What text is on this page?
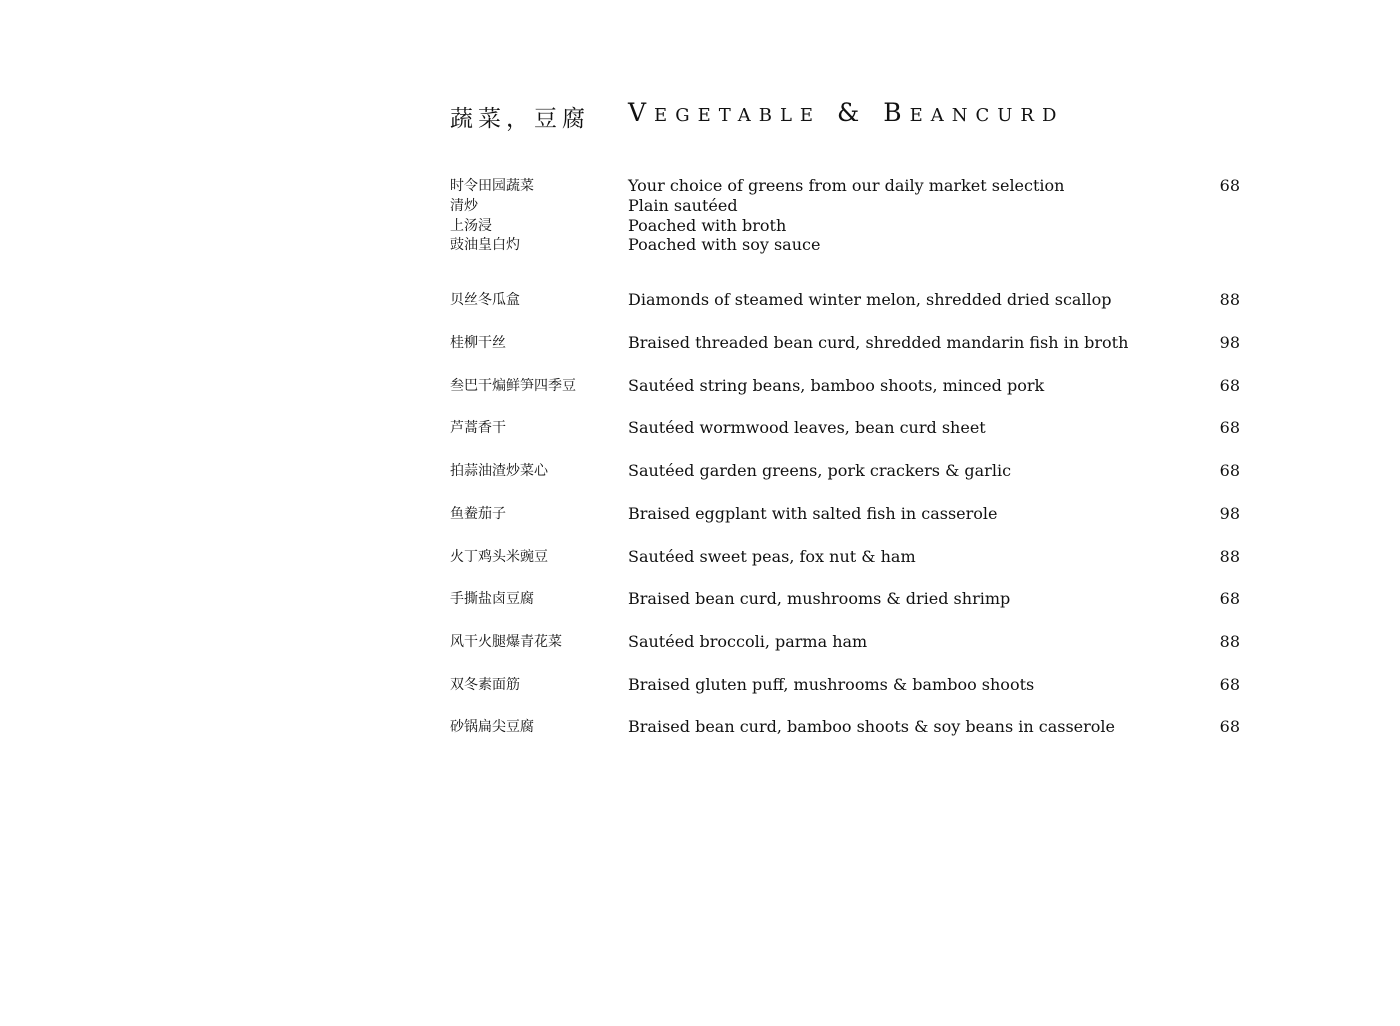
蔬菜，豆腐 Vegetable & Beancurd
时令田园蔬菜	Your choice of greens from our daily market selection	68
清炒	Plain sautéed
上汤浸	Poached with broth
豉油皇白灼	Poached with soy sauce
贝丝冬瓜盒	Diamonds of steamed winter melon, shredded dried scallop	88
桂柳干丝	Braised threaded bean curd, shredded mandarin fish in broth	98
叁巴干煸鲜笋四季豆	Sautéed string beans, bamboo shoots, minced pork	68
芦蒿香干	Sautéed wormwood leaves, bean curd sheet	68
拍蒜油渣炒菜心	Sautéed garden greens, pork crackers & garlic	68
鱼鲞茄子	Braised eggplant with salted fish in casserole	98
火丁鸡头米豌豆	Sautéed sweet peas, fox nut & ham	88
手撕盐卤豆腐	Braised bean curd, mushrooms & dried shrimp	68
风干火腿爆青花菜	Sautéed broccoli, parma ham	88
双冬素面筋	Braised gluten puff, mushrooms & bamboo shoots	68
砂锅扁尖豆腐	Braised bean curd, bamboo shoots & soy beans in casserole	68
